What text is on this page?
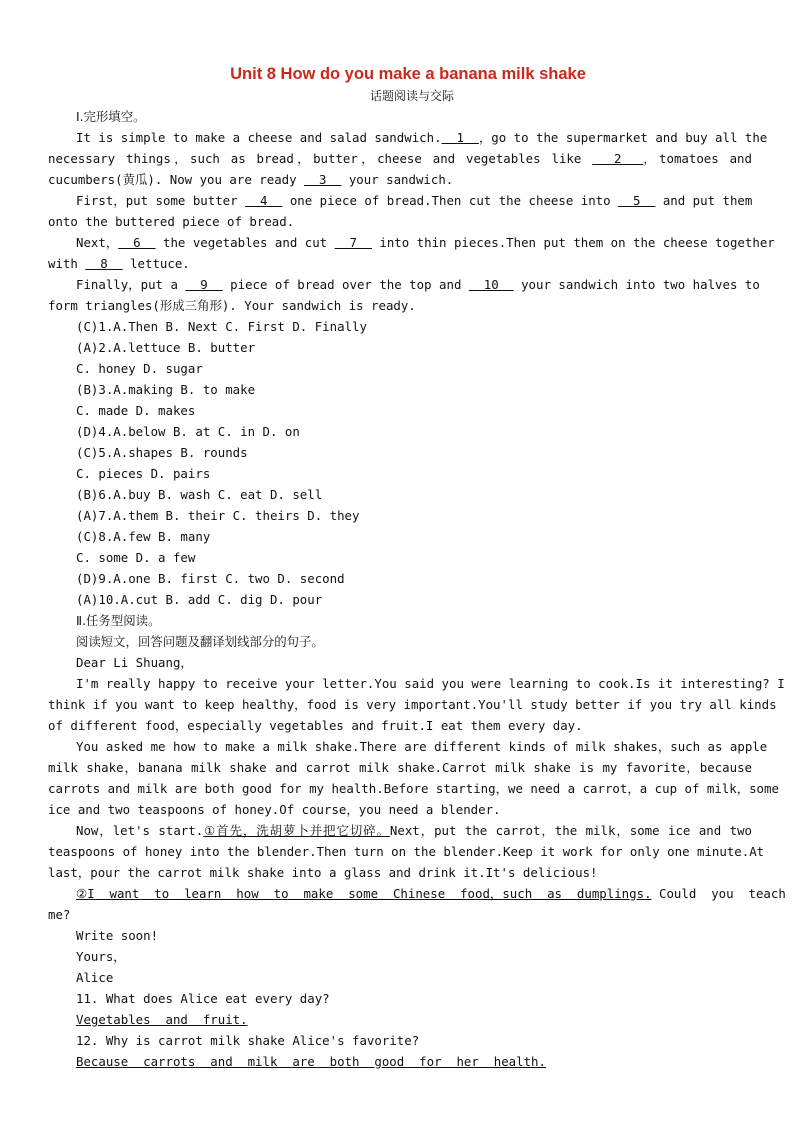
Unit 8 How do you make a banana milk shake
话题阅读与交际
Ⅰ.完形填空。
It is simple to make a cheese and salad sandwich.  1  ，go to the supermarket and buy all the
necessary things，such as bread，butter，cheese and vegetables like   2  ，tomatoes and
cucumbers(黄瓜). Now you are ready   3   your sandwich.
First，put some butter   4   one piece of bread.Then cut the cheese into   5   and put them
onto the buttered piece of bread.
Next，  6   the vegetables and cut   7   into thin pieces.Then put them on the cheese together
with   8   lettuce.
Finally，put a   9   piece of bread over the top and   10   your sandwich into two halves to
form triangles(形成三角形). Your sandwich is ready.
(C)1.A.Then B. Next C. First D. Finally
(A)2.A.lettuce B. butter
C. honey D. sugar
(B)3.A.making B. to make
C. made D. makes
(D)4.A.below B. at C. in D. on
(C)5.A.shapes B. rounds
C. pieces D. pairs
(B)6.A.buy B. wash C. eat D. sell
(A)7.A.them B. their C. theirs D. they
(C)8.A.few B. many
C. some D. a few
(D)9.A.one B. first C. two D. second
(A)10.A.cut B. add C. dig D. pour
Ⅱ.任务型阅读。
阅读短文，回答问题及翻译划线部分的句子。
Dear Li Shuang，
I'm really happy to receive your letter.You said you were learning to cook.Is it interesting? I
think if you want to keep healthy，food is very important.You'll study better if you try all kinds
of different food，especially vegetables and fruit.I eat them every day.
You asked me how to make a milk shake.There are different kinds of milk shakes，such as apple
milk shake，banana milk shake and carrot milk shake.Carrot milk shake is my favorite，because
carrots and milk are both good for my health.Before starting，we need a carrot，a cup of milk，some
ice and two teaspoons of honey.Of course，you need a blender.
Now，let's start.①首先，洗胡萝卜并把它切碎。Next，put the carrot，the milk，some ice and two
teaspoons of honey into the blender.Then turn on the blender.Keep it work for only one minute.At
last，pour the carrot milk shake into a glass and drink it.It's delicious!
②I  want  to  learn  how  to  make  some  Chinese  food，such  as  dumplings. Could  you  teach
me?
Write soon!
Yours，
Alice
11. What does Alice eat every day?
Vegetables  and  fruit.
12. Why is carrot milk shake Alice's favorite?
Because  carrots  and  milk  are  both  good  for  her  health.
